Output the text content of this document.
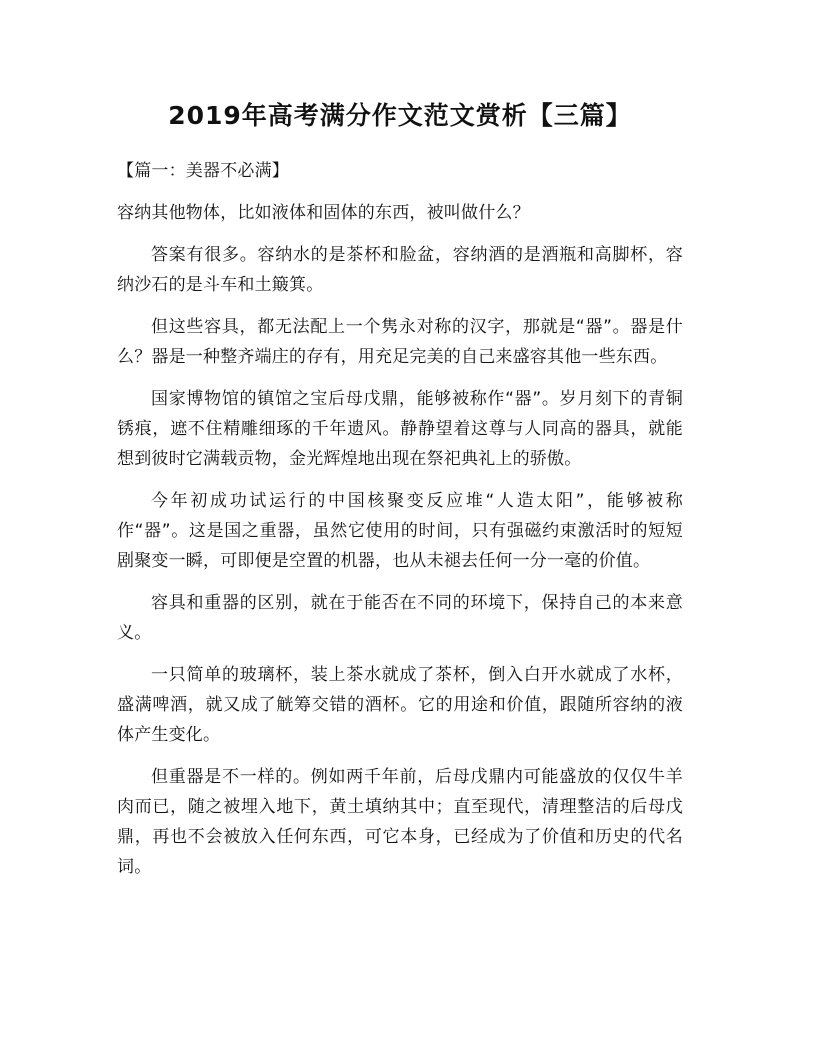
2019年高考满分作文范文赏析【三篇】

【篇一：美器不必满】

容纳其他物体，比如液体和固体的东西，被叫做什么？

答案有很多。容纳水的是茶杯和脸盆，容纳酒的是酒瓶和高脚杯，容纳沙石的是斗车和土簸箕。

但这些容具，都无法配上一个隽永对称的汉字，那就是“器”。器是什么？器是一种整齐端庄的存有，用充足完美的自己来盛容其他一些东西。

国家博物馆的镇馆之宝后母戊鼎，能够被称作“器”。岁月刻下的青铜锈痕，遮不住精雕细琢的千年遗风。静静望着这尊与人同高的器具，就能想到彼时它满载贡物，金光辉煌地出现在祭祀典礼上的骄傲。

今年初成功试运行的中国核聚变反应堆“人造太阳”，能够被称作“器”。这是国之重器，虽然它使用的时间，只有强磁约束激活时的短短剧聚变一瞬，可即便是空置的机器，也从未褪去任何一分一毫的价值。

容具和重器的区别，就在于能否在不同的环境下，保持自己的本来意义。

一只简单的玻璃杯，装上茶水就成了茶杯，倒入白开水就成了水杯，盛满啤酒，就又成了觥筹交错的酒杯。它的用途和价值，跟随所容纳的液体产生变化。

但重器是不一样的。例如两千年前，后母戊鼎内可能盛放的仅仅牛羊肉而已，随之被埋入地下，黄土填纳其中；直至现代，清理整洁的后母戊鼎，再也不会被放入任何东西，可它本身，已经成为了价值和历史的代名词。
